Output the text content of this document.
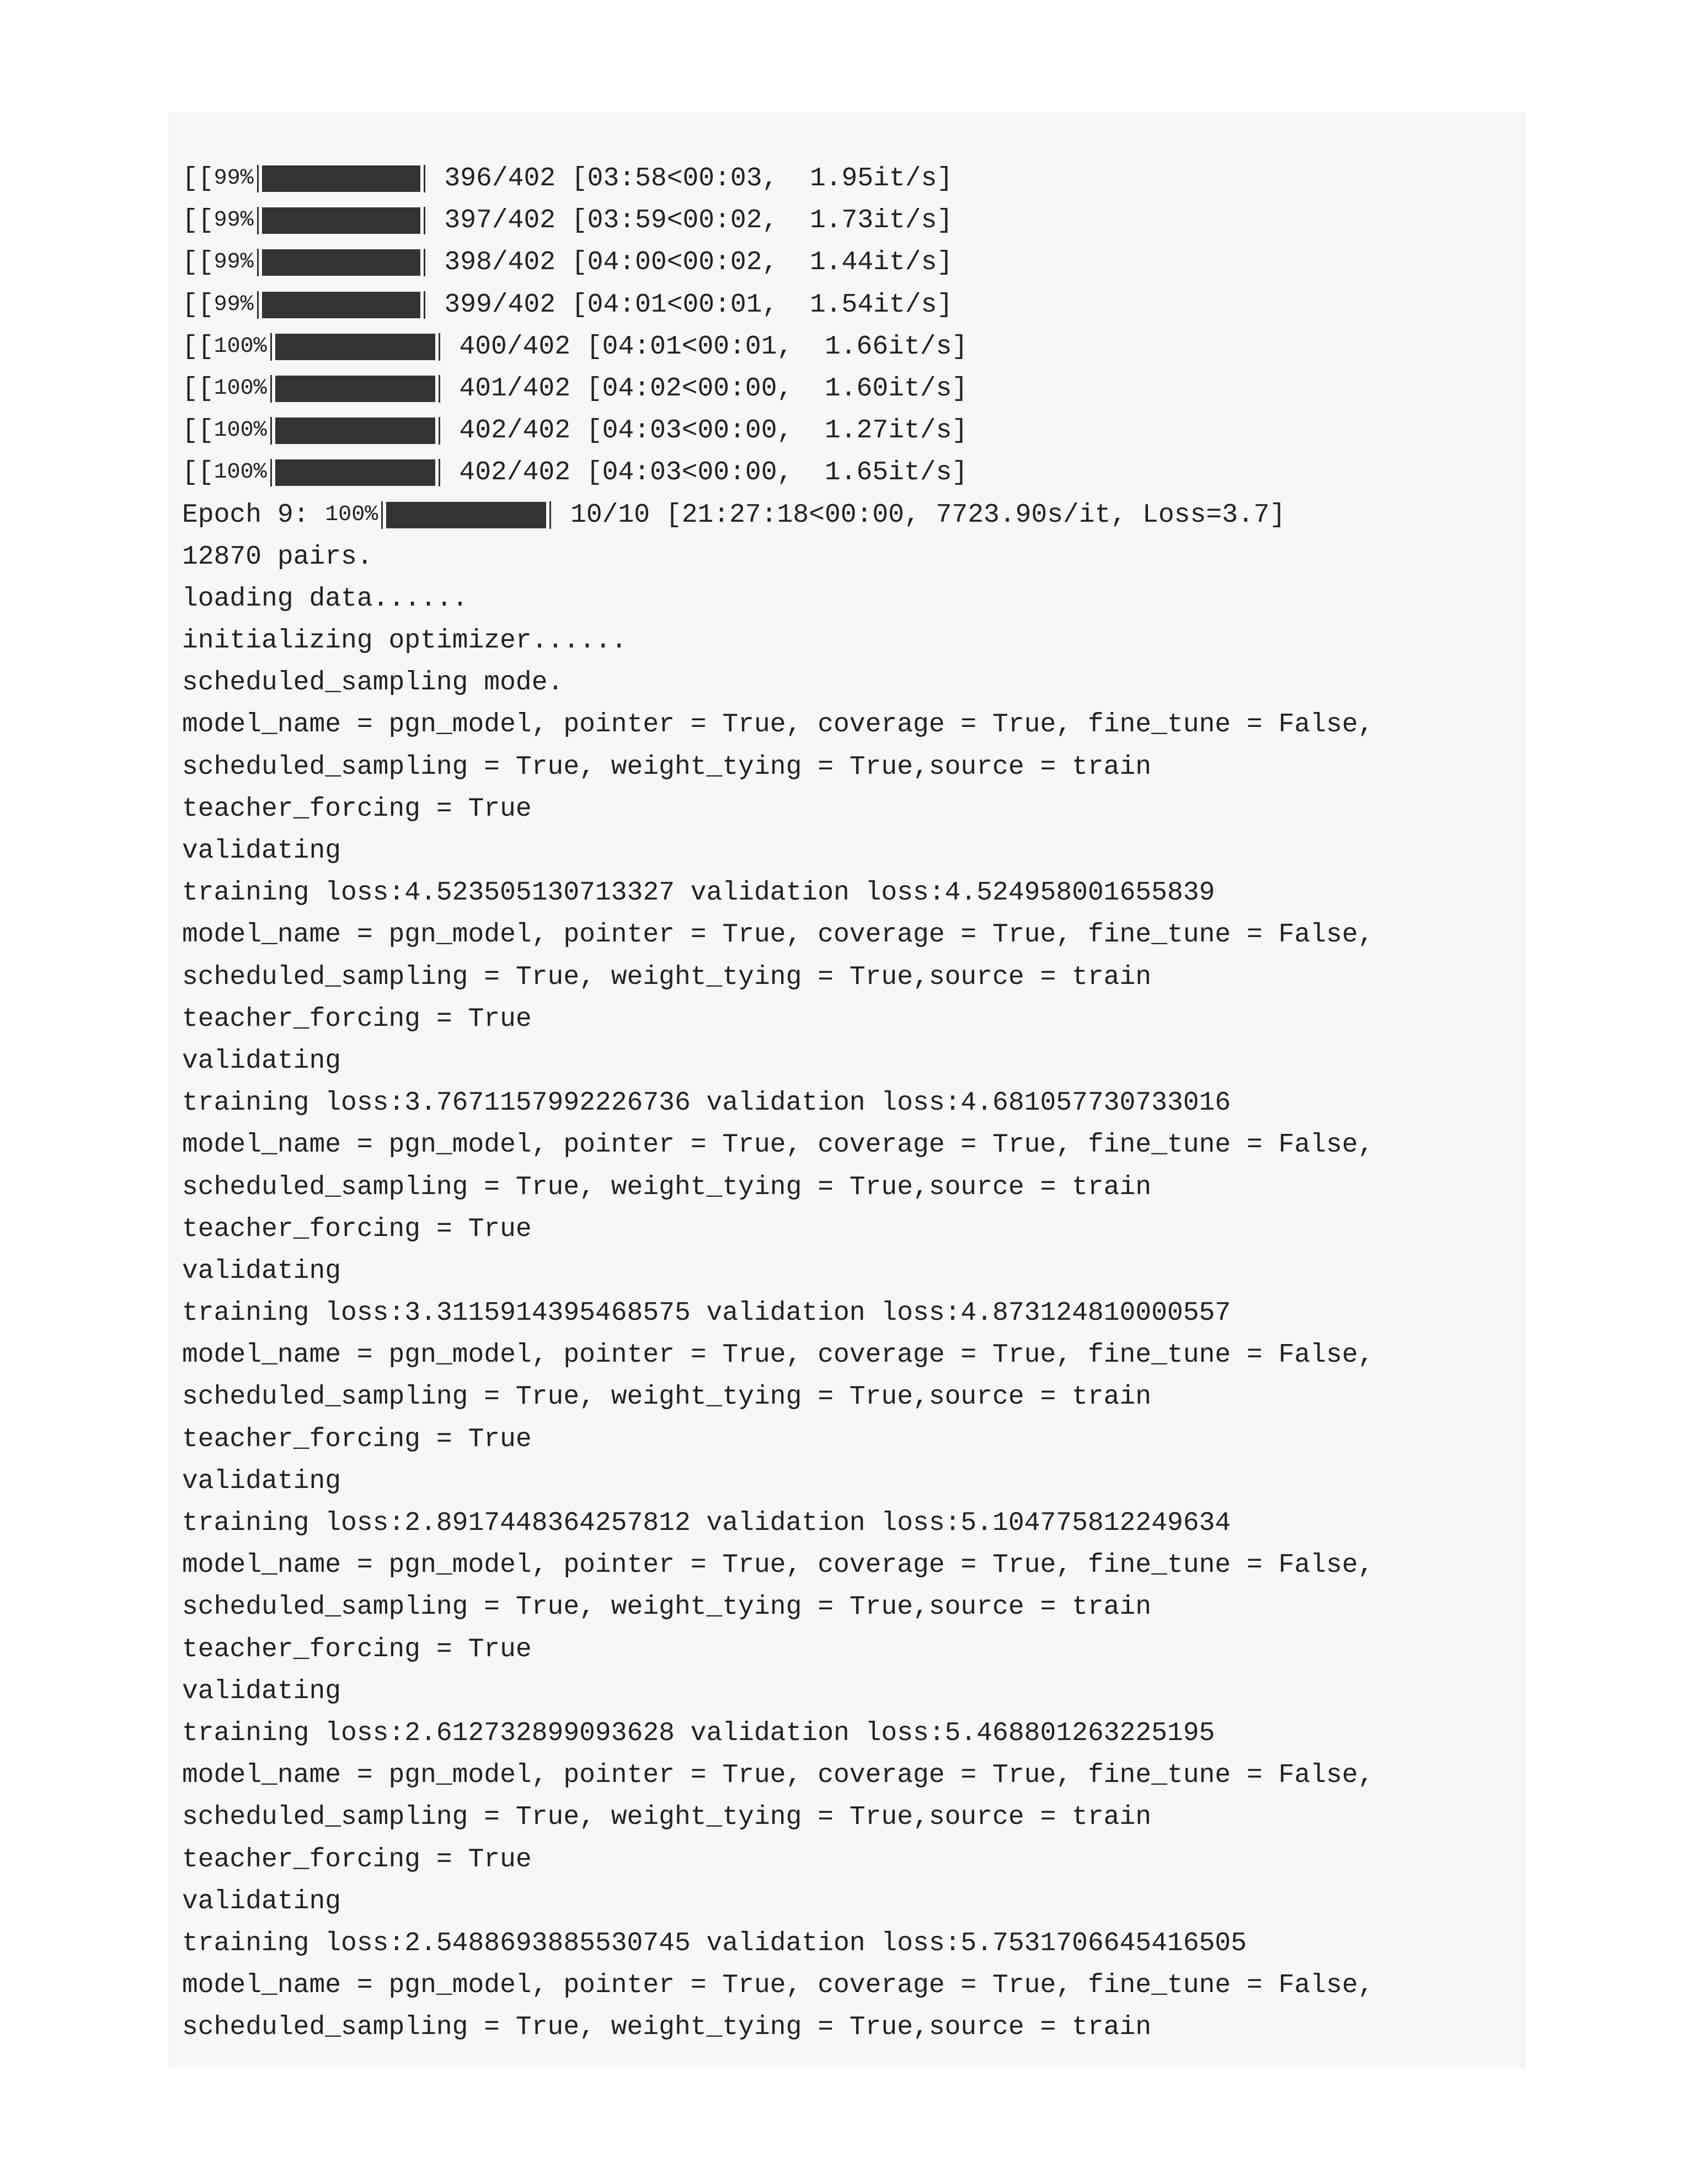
[[ 99%	396/402 [03:58<00:03,  1.95it/s]
[[ 99%	397/402 [03:59<00:02,  1.73it/s]
[[ 99%	398/402 [04:00<00:02,  1.44it/s]
[[ 99%	399/402 [04:01<00:01,  1.54it/s]
[[ 100%	400/402 [04:01<00:01,  1.66it/s]
[[ 100%	401/402 [04:02<00:00,  1.60it/s]
[[ 100%	402/402 [04:03<00:00,  1.27it/s]
[[ 100%	402/402 [04:03<00:00,  1.65it/s]
Epoch 9: 100%	10/10 [21:27:18<00:00, 7723.90s/it, Loss=3.7]
12870 pairs.
loading data......
initializing optimizer......
scheduled_sampling mode.
model_name = pgn_model, pointer = True, coverage = True, fine_tune = False,
scheduled_sampling = True, weight_tying = True,source = train
teacher_forcing = True
validating
training loss:4.523505130713327 validation loss:4.524958001655839
model_name = pgn_model, pointer = True, coverage = True, fine_tune = False,
scheduled_sampling = True, weight_tying = True,source = train
teacher_forcing = True
validating
training loss:3.7671157992226736 validation loss:4.681057730733016
model_name = pgn_model, pointer = True, coverage = True, fine_tune = False,
scheduled_sampling = True, weight_tying = True,source = train
teacher_forcing = True
validating
training loss:3.3115914395468575 validation loss:4.873124810000557
model_name = pgn_model, pointer = True, coverage = True, fine_tune = False,
scheduled_sampling = True, weight_tying = True,source = train
teacher_forcing = True
validating
training loss:2.8917448364257812 validation loss:5.104775812249634
model_name = pgn_model, pointer = True, coverage = True, fine_tune = False,
scheduled_sampling = True, weight_tying = True,source = train
teacher_forcing = True
validating
training loss:2.612732899093628 validation loss:5.468801263225195
model_name = pgn_model, pointer = True, coverage = True, fine_tune = False,
scheduled_sampling = True, weight_tying = True,source = train
teacher_forcing = True
validating
training loss:2.5488693885530745 validation loss:5.7531706645416505
model_name = pgn_model, pointer = True, coverage = True, fine_tune = False,
scheduled_sampling = True, weight_tying = True,source = train
